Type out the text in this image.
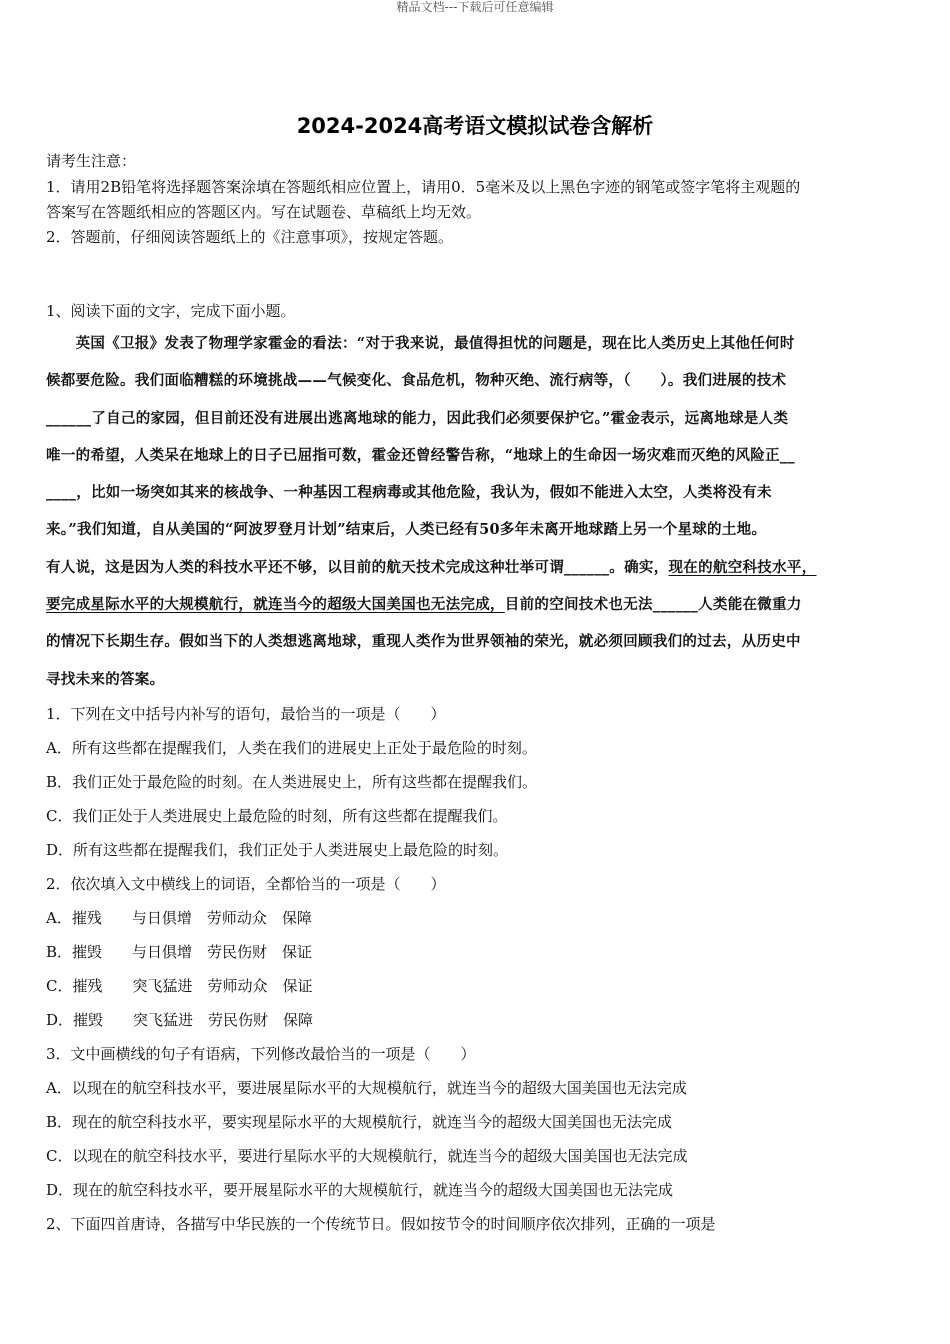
精品文档---下载后可任意编辑
2024-2024高考语文模拟试卷含解析
请考生注意：
1．请用2B铅笔将选择题答案涂填在答题纸相应位置上，请用0．5毫米及以上黑色字迹的钢笔或签字笔将主观题的
答案写在答题纸相应的答题区内。写在试题卷、草稿纸上均无效。
2．答题前，仔细阅读答题纸上的《注意事项》，按规定答题。
1、阅读下面的文字，完成下面小题。
　　英国《卫报》发表了物理学家霍金的看法：“对于我来说，最值得担忧的问题是，现在比人类历史上其他任何时
候都要危险。我们面临糟糕的环境挑战——气候变化、食品危机，物种灭绝、流行病等，（　　）。我们进展的技术
______了自己的家园，但目前还没有进展出逃离地球的能力，因此我们必须要保护它。”霍金表示，远离地球是人类
唯一的希望，人类呆在地球上的日子已屈指可数，霍金还曾经警告称，“地球上的生命因一场灾难而灭绝的风险正__
____，比如一场突如其来的核战争、一种基因工程病毒或其他危险，我认为，假如不能进入太空，人类将没有未
来。”我们知道，自从美国的“阿波罗登月计划”结束后，人类已经有50多年未离开地球踏上另一个星球的土地。
有人说，这是因为人类的科技水平还不够，以目前的航天技术完成这种壮举可谓______。确实，现在的航空科技水平，
要完成星际水平的大规模航行，就连当今的超级大国美国也无法完成，目前的空间技术也无法______人类能在微重力
的情况下长期生存。假如当下的人类想逃离地球，重现人类作为世界领袖的荣光，就必须回顾我们的过去，从历史中
寻找未来的答案。
1．下列在文中括号内补写的语句，最恰当的一项是（　　）
A．所有这些都在提醒我们，人类在我们的进展史上正处于最危险的时刻。
B．我们正处于最危险的时刻。在人类进展史上，所有这些都在提醒我们。
C．我们正处于人类进展史上最危险的时刻，所有这些都在提醒我们。
D．所有这些都在提醒我们，我们正处于人类进展史上最危险的时刻。
2．依次填入文中横线上的词语，全都恰当的一项是（　　）
A．摧残　　与日俱增　劳师动众　保障
B．摧毁　　与日俱增　劳民伤财　保证
C．摧残　　突飞猛进　劳师动众　保证
D．摧毁　　突飞猛进　劳民伤财　保障
3．文中画横线的句子有语病，下列修改最恰当的一项是（　　）
A．以现在的航空科技水平，要进展星际水平的大规模航行，就连当今的超级大国美国也无法完成
B．现在的航空科技水平，要实现星际水平的大规模航行，就连当今的超级大国美国也无法完成
C．以现在的航空科技水平，要进行星际水平的大规模航行，就连当今的超级大国美国也无法完成
D．现在的航空科技水平，要开展星际水平的大规模航行，就连当今的超级大国美国也无法完成
2、下面四首唐诗，各描写中华民族的一个传统节日。假如按节令的时间顺序依次排列，正确的一项是
